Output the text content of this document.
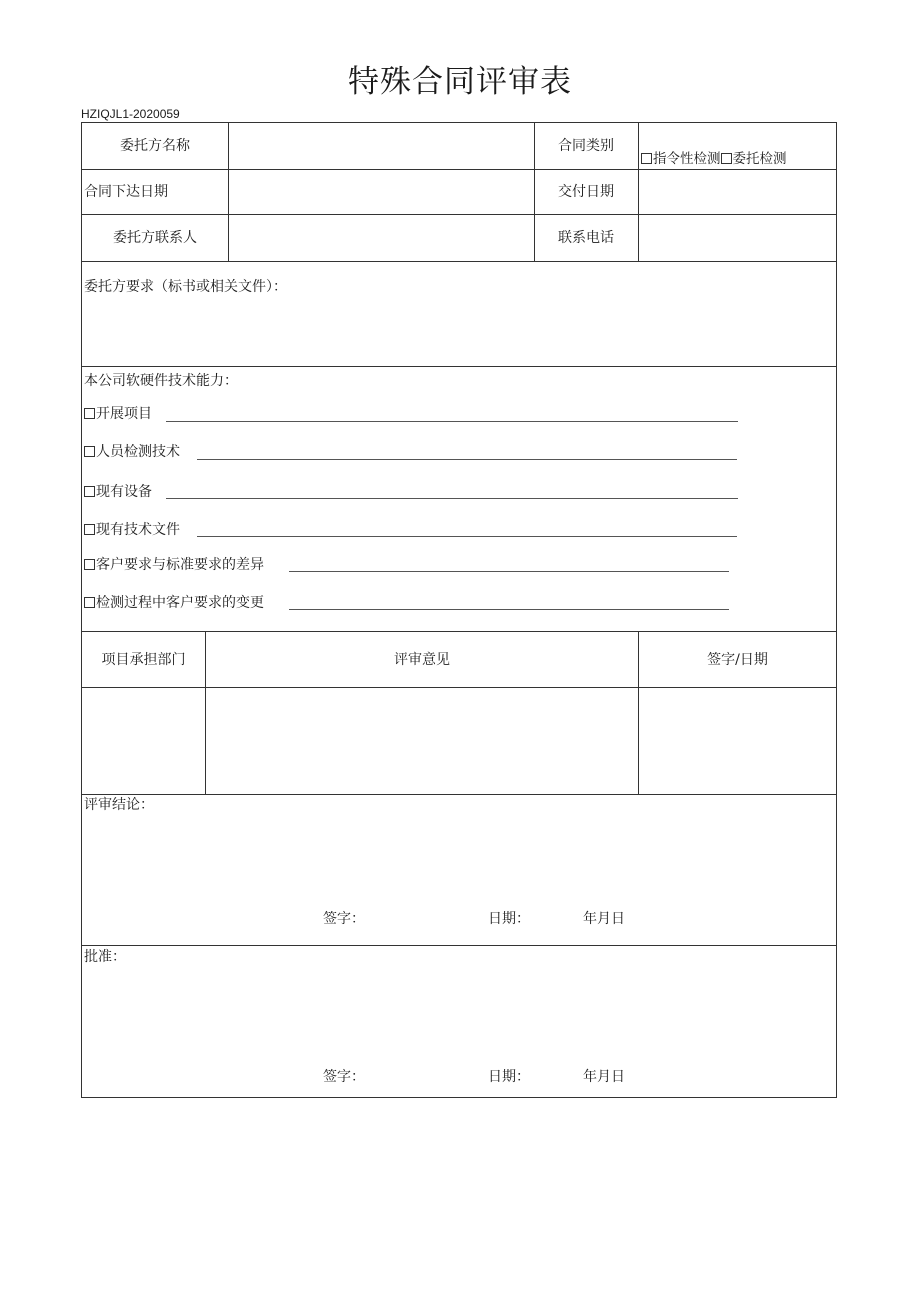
特殊合同评审表
HZIQJL1-2020059
委托方名称	合同类别
指令性检测 委托检测
合同下达日期	交付日期
委托方联系人	联系电话
委托方要求（标书或相关文件）：
本公司软硬件技术能力：
开展项目
人员检测技术
现有设备
现有技术文件
客户要求与标准要求的差异
检测过程中客户要求的变更
项目承担部门	评审意见	签字/日期
评审结论：
签字：	日期：	年月日
批准：
签字：	日期：	年月日
